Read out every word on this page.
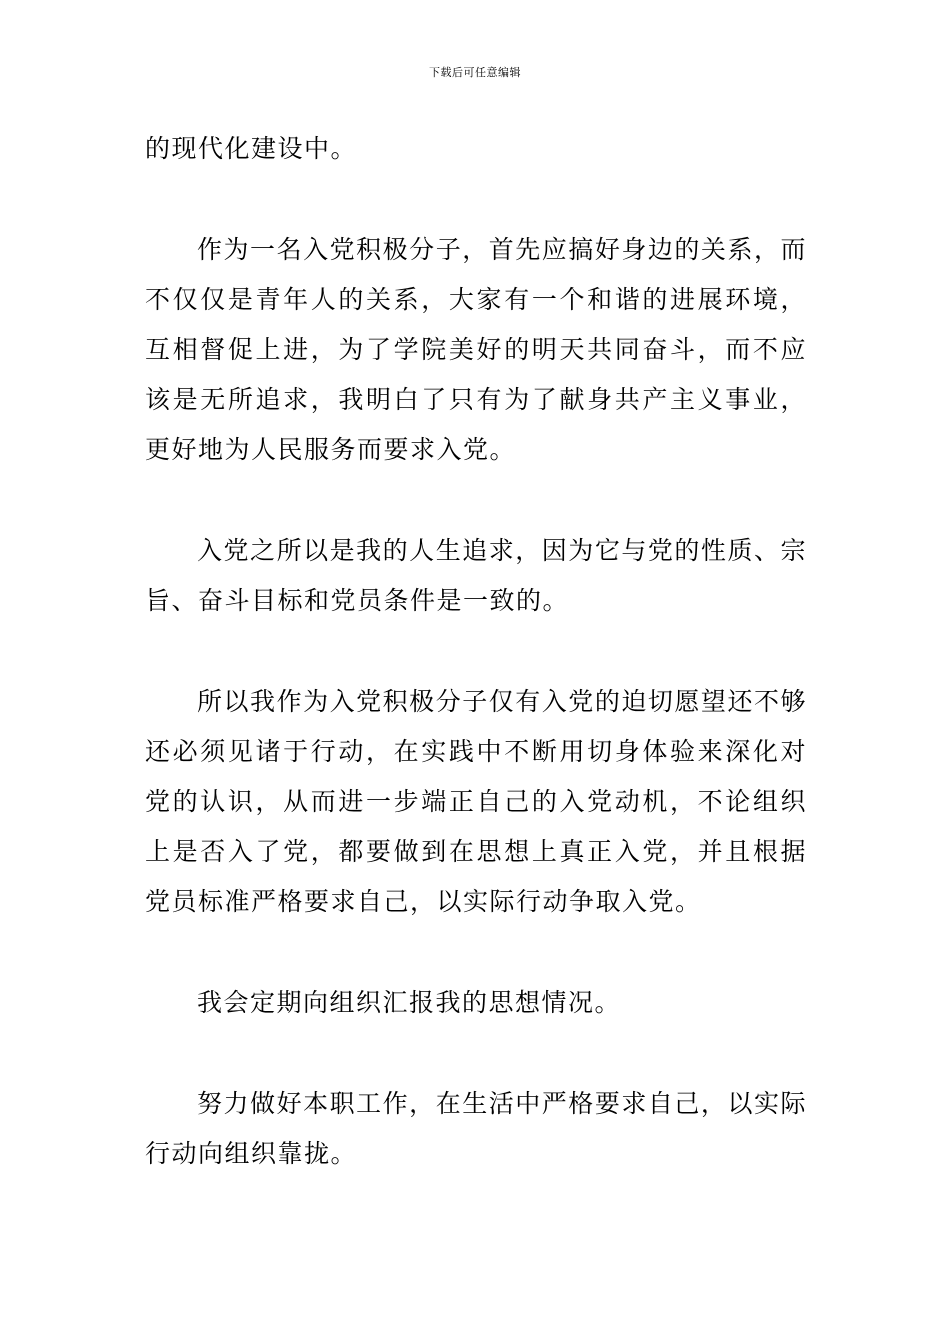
下载后可任意编辑

的现代化建设中。

作为一名入党积极分子，首先应搞好身边的关系，而不仅仅是青年人的关系，大家有一个和谐的进展环境，互相督促上进，为了学院美好的明天共同奋斗，而不应该是无所追求，我明白了只有为了献身共产主义事业，更好地为人民服务而要求入党。

入党之所以是我的人生追求，因为它与党的性质、宗旨、奋斗目标和党员条件是一致的。

所以我作为入党积极分子仅有入党的迫切愿望还不够还必须见诸于行动，在实践中不断用切身体验来深化对党的认识，从而进一步端正自己的入党动机，不论组织上是否入了党，都要做到在思想上真正入党，并且根据党员标准严格要求自己，以实际行动争取入党。

我会定期向组织汇报我的思想情况。

努力做好本职工作，在生活中严格要求自己，以实际行动向组织靠拢。
